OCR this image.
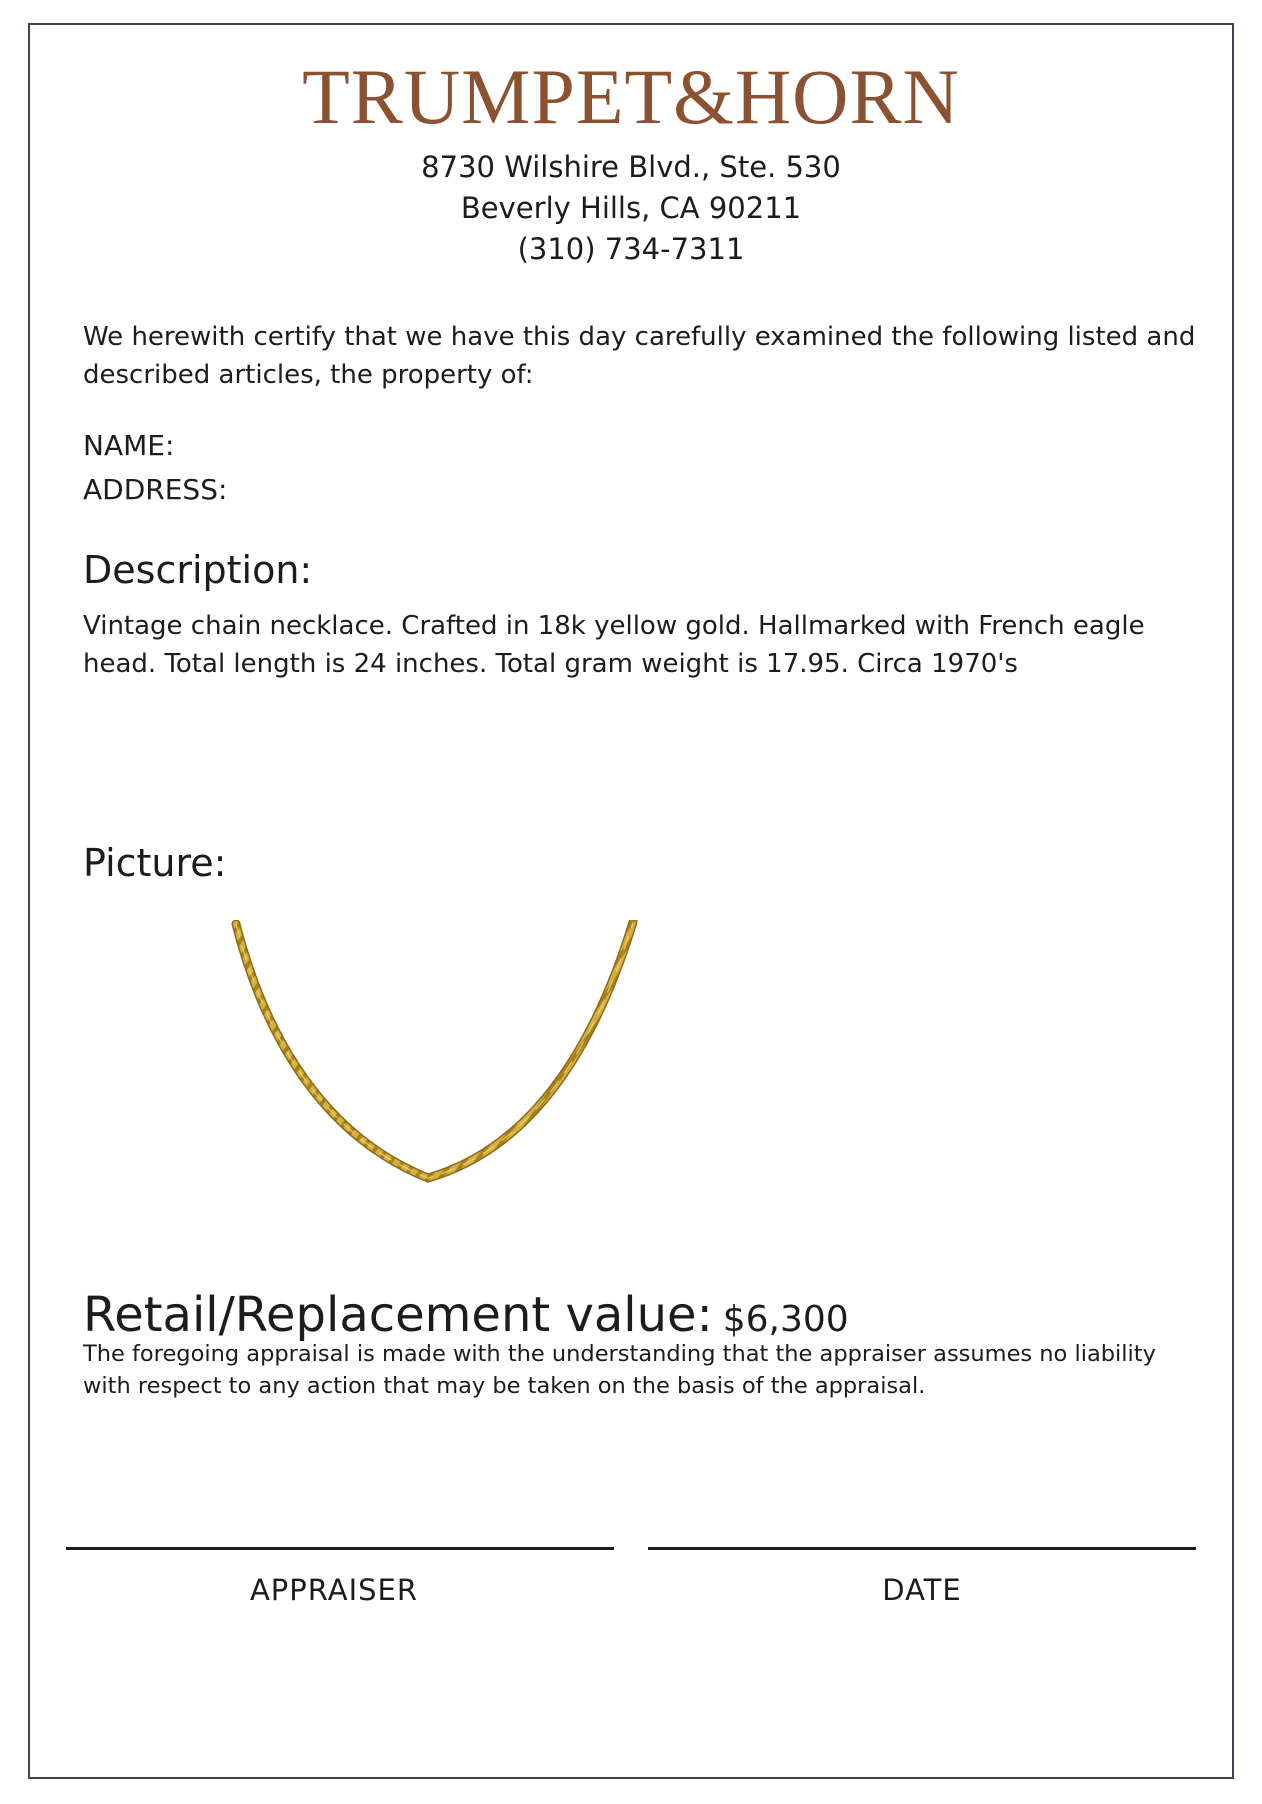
TRUMPET&HORN
8730 Wilshire Blvd., Ste. 530
Beverly Hills, CA 90211
(310) 734-7311
We herewith certify that we have this day carefully examined the following listed and described articles, the property of:
NAME:
ADDRESS:
Description:
Vintage chain necklace. Crafted in 18k yellow gold. Hallmarked with French eagle head. Total length is 24 inches. Total gram weight is 17.95. Circa 1970's
Picture:
Retail/Replacement value: $6,300
The foregoing appraisal is made with the understanding that the appraiser assumes no liability with respect to any action that may be taken on the basis of the appraisal.
APPRAISER	DATE
